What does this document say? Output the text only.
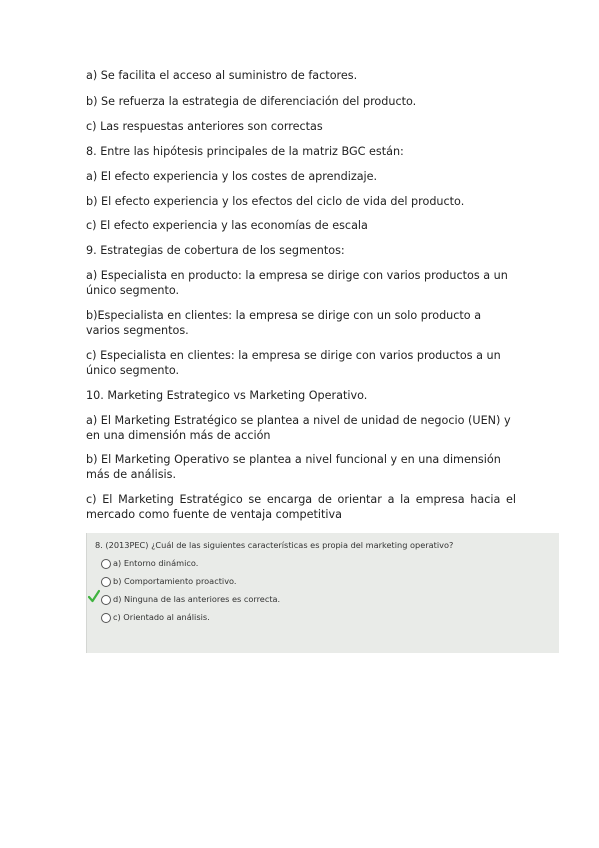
a) Se facilita el acceso al suministro de factores.

b) Se refuerza la estrategia de diferenciación del producto.

c) Las respuestas anteriores son correctas

8. Entre las hipótesis principales de la matriz BGC están:

a) El efecto experiencia y los costes de aprendizaje.

b) El efecto experiencia y los efectos del ciclo de vida del producto.

c) El efecto experiencia y las economías de escala

9. Estrategias de cobertura de los segmentos:

a) Especialista en producto: la empresa se dirige con varios productos a un único segmento.

b)Especialista en clientes: la empresa se dirige con un solo producto a varios segmentos.

c) Especialista en clientes: la empresa se dirige con varios productos a un único segmento.

10. Marketing Estrategico vs Marketing Operativo.

a) El Marketing Estratégico se plantea a nivel de unidad de negocio (UEN) y en una dimensión más de acción

b) El Marketing Operativo se plantea a nivel funcional y en una dimensión más de análisis.

c) El Marketing Estratégico se encarga de orientar a la empresa hacia el mercado como fuente de ventaja competitiva

8. (2013PEC) ¿Cuál de las siguientes características es propia del marketing operativo?

a) Entorno dinámico.
b) Comportamiento proactivo.
d) Ninguna de las anteriores es correcta.
c) Orientado al análisis.
